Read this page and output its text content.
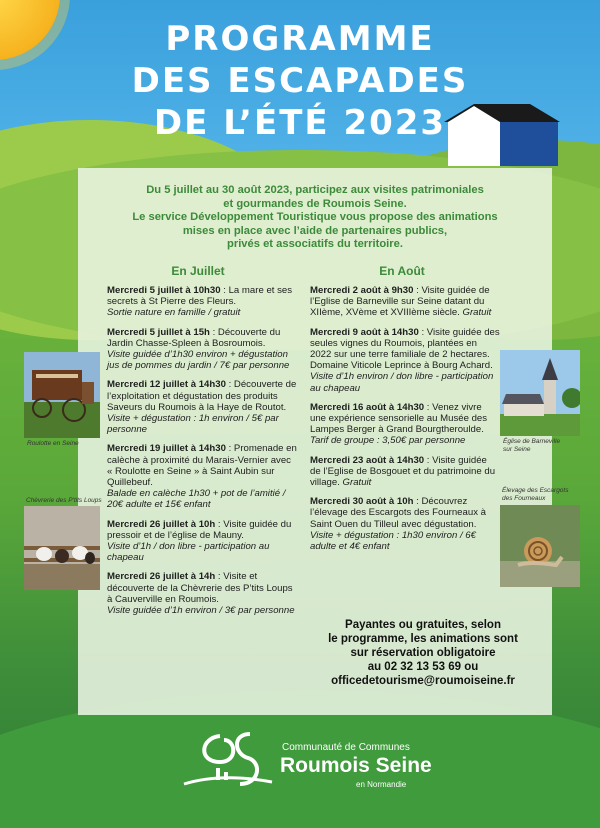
PROGRAMME
DES ESCAPADES
DE L’ÉTÉ 2023

Du 5 juillet au 30 août 2023, participez aux visites patrimoniales

et gourmandes de Roumois Seine.

Le service Développement Touristique vous propose des animations

mises en place avec l’aide de partenaires publics,

privés et associatifs du territoire.

En Juillet	En Août
Mercredi 5 juillet à 10h30 : La mare et ses secrets à St Pierre des Fleurs.
Sortie nature en famille / gratuit
Mercredi 5 juillet à 15h : Découverte du Jardin Chasse-Spleen à Bosroumois.
Visite guidée d’1h30 environ + dégustation jus de pommes du jardin / 7€ par personne
Mercredi 12 juillet à 14h30 : Découverte de l’exploitation et dégustation des produits Saveurs du Roumois à la Haye de Routot.
Visite + dégustation : 1h environ / 5€ par personne
Mercredi 19 juillet à 14h30 : Promenade en calèche à proximité du Marais-Vernier avec « Roulotte en Seine » à Saint Aubin sur Quillebeuf.
Balade en calèche 1h30 + pot de l’amitié / 20€ adulte et 15€ enfant
Mercredi 26 juillet à 10h : Visite guidée du pressoir et de l’église de Mauny.
Visite d’1h / don libre - participation au chapeau
Mercredi 26 juillet à 14h : Visite et découverte de la Chèvrerie des P’tits Loups à Cauverville en Roumois.
Visite guidée d’1h environ / 3€ par personne
Mercredi 2 août à 9h30 : Visite guidée de l’Eglise de Barneville sur Seine datant du XIIème, XVème et XVIIIème siècle. Gratuit
Mercredi 9 août à 14h30 : Visite guidée des seules vignes du Roumois, plantées en 2022 sur une terre familiale de 2 hectares. Domaine Viticole Leprince à Bourg Achard.
Visite d’1h environ / don libre - participation au chapeau
Mercredi 16 août à 14h30 : Venez vivre une expérience sensorielle au Musée des Lampes Berger à Grand Bourgtheroulde.
Tarif de groupe : 3,50€ par personne
Mercredi 23 août à 14h30 : Visite guidée de l’Eglise de Bosgouet et du patrimoine du village. Gratuit
Mercredi 30 août à 10h : Découvrez l’élevage des Escargots des Fourneaux à Saint Ouen du Tilleul avec dégustation.
Visite + dégustation : 1h30 environ / 6€ adulte et 4€ enfant
Roulotte en Seine
Chèvrerie des P'tits Loups
Église de Barneville sur Seine
Élevage des Escargots des Fourneaux

Payantes ou gratuites, selon

le programme, les animations sont

sur réservation obligatoire

au 02 32 13 53 69 ou

officedetourisme@roumoiseine.fr

Communauté de Communes
Roumois Seine
en Normandie
